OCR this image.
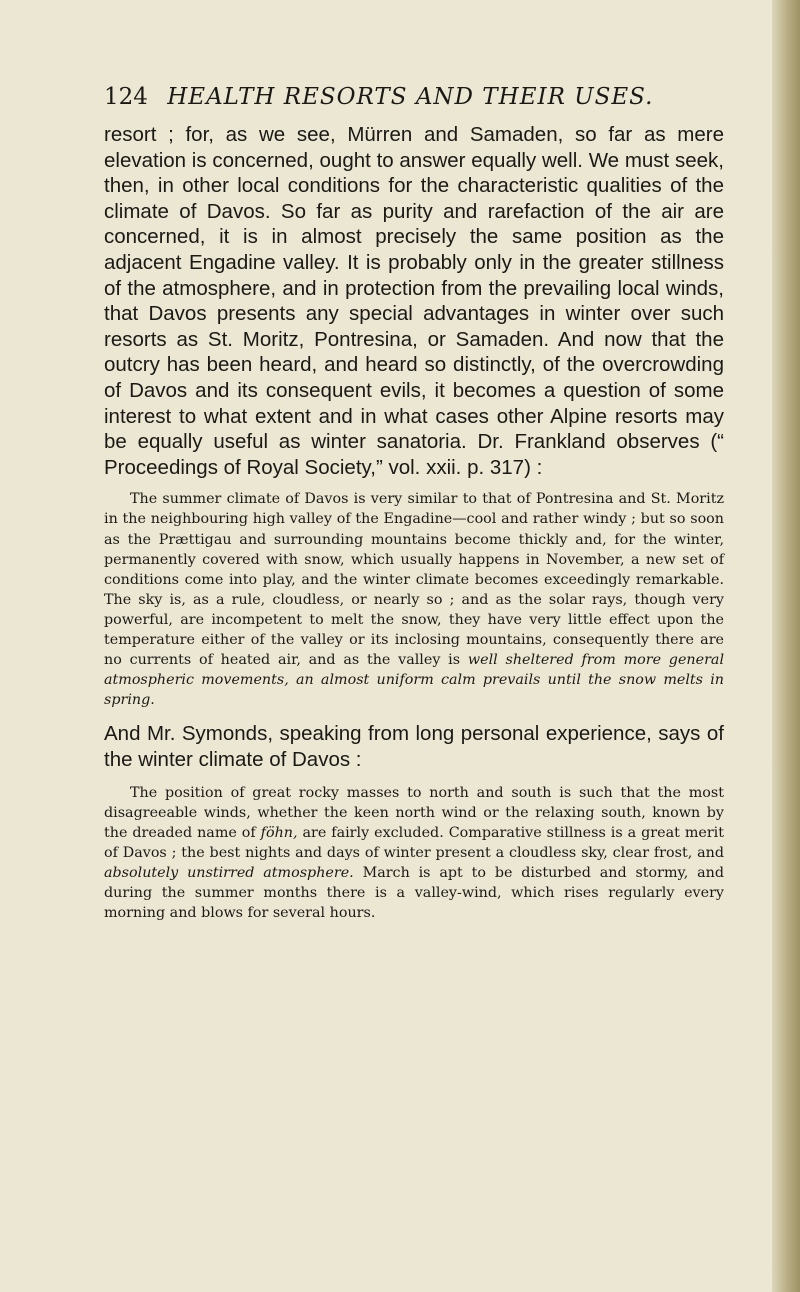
124 HEALTH RESORTS AND THEIR USES.

resort ; for, as we see, Mürren and Samaden, so far as mere elevation is concerned, ought to answer equally well. We must seek, then, in other local conditions for the characteristic qualities of the climate of Davos. So far as purity and rarefaction of the air are concerned, it is in almost precisely the same position as the adjacent Engadine valley. It is probably only in the greater stillness of the atmosphere, and in protection from the prevailing local winds, that Davos presents any special advantages in winter over such resorts as St. Moritz, Pontresina, or Samaden. And now that the outcry has been heard, and heard so distinctly, of the overcrowding of Davos and its consequent evils, it becomes a question of some interest to what extent and in what cases other Alpine resorts may be equally useful as winter sanatoria. Dr. Frankland observes (“ Proceedings of Royal Society,” vol. xxii. p. 317) :

The summer climate of Davos is very similar to that of Pontresina and St. Moritz in the neighbouring high valley of the Engadine—cool and rather windy ; but so soon as the Prættigau and surrounding mountains become thickly and, for the winter, permanently covered with snow, which usually happens in November, a new set of conditions come into play, and the winter climate becomes exceedingly remarkable. The sky is, as a rule, cloudless, or nearly so ; and as the solar rays, though very powerful, are incompetent to melt the snow, they have very little effect upon the temperature either of the valley or its inclosing mountains, consequently there are no currents of heated air, and as the valley is well sheltered from more general atmospheric movements, an almost uniform calm prevails until the snow melts in spring.

And Mr. Symonds, speaking from long personal experience, says of the winter climate of Davos :

The position of great rocky masses to north and south is such that the most disagreeable winds, whether the keen north wind or the relaxing south, known by the dreaded name of föhn, are fairly excluded. Comparative stillness is a great merit of Davos ; the best nights and days of winter present a cloudless sky, clear frost, and absolutely unstirred atmosphere. March is apt to be disturbed and stormy, and during the summer months there is a valley-wind, which rises regularly every morning and blows for several hours.
